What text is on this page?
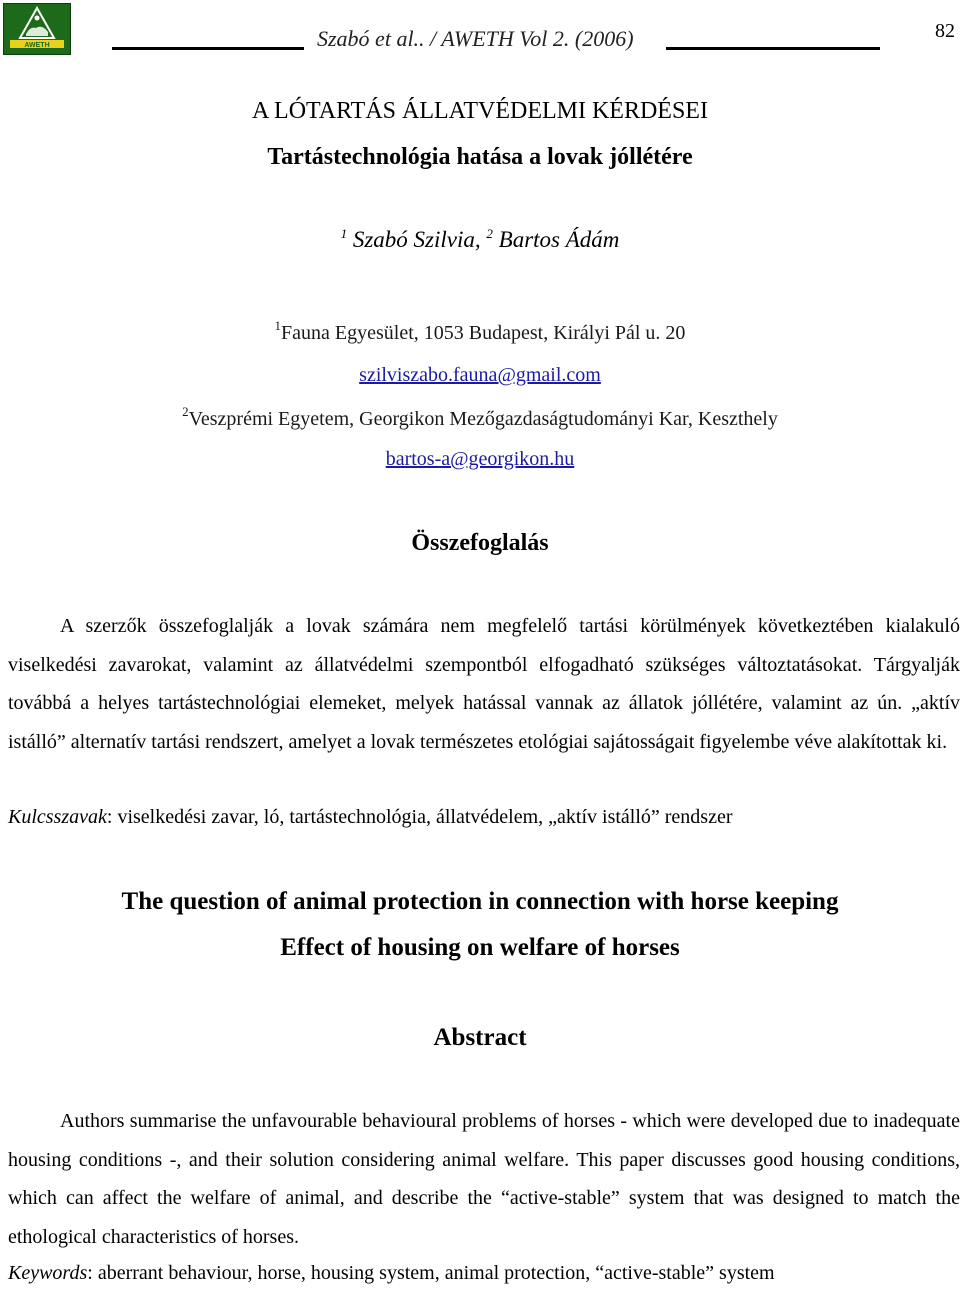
AWETH	Szabó et al.. / AWETH Vol 2. (2006)	82
A LÓTARTÁS ÁLLATVÉDELMI KÉRDÉSEI
Tartástechnológia hatása a lovak jóllétére
$^1$ Szabó Szilvia, $^2$ Bartos Ádám
$^1$Fauna Egyesület, 1053 Budapest, Királyi Pál u. 20
szilviszabo.fauna@gmail.com
$^2$Veszprémi Egyetem, Georgikon Mezőgazdaságtudományi Kar, Keszthely
bartos-a@georgikon.hu
Összefoglalás
A szerzők összefoglalják a lovak számára nem megfelelő tartási körülmények következtében kialakuló viselkedési zavarokat, valamint az állatvédelmi szempontból elfogadható szükséges változtatásokat. Tárgyalják továbbá a helyes tartástechnológiai elemeket, melyek hatással vannak az állatok jóllétére, valamint az ún. „aktív istálló” alternatív tartási rendszert, amelyet a lovak természetes etológiai sajátosságait figyelembe véve alakítottak ki.
Kulcsszavak: viselkedési zavar, ló, tartástechnológia, állatvédelem, „aktív istálló” rendszer
The question of animal protection in connection with horse keeping
Effect of housing on welfare of horses
Abstract
Authors summarise the unfavourable behavioural problems of horses - which were developed due to inadequate housing conditions -, and their solution considering animal welfare. This paper discusses good housing conditions, which can affect the welfare of animal, and describe the “active-stable” system that was designed to match the ethological characteristics of horses.
Keywords: aberrant behaviour, horse, housing system, animal protection, “active-stable” system
